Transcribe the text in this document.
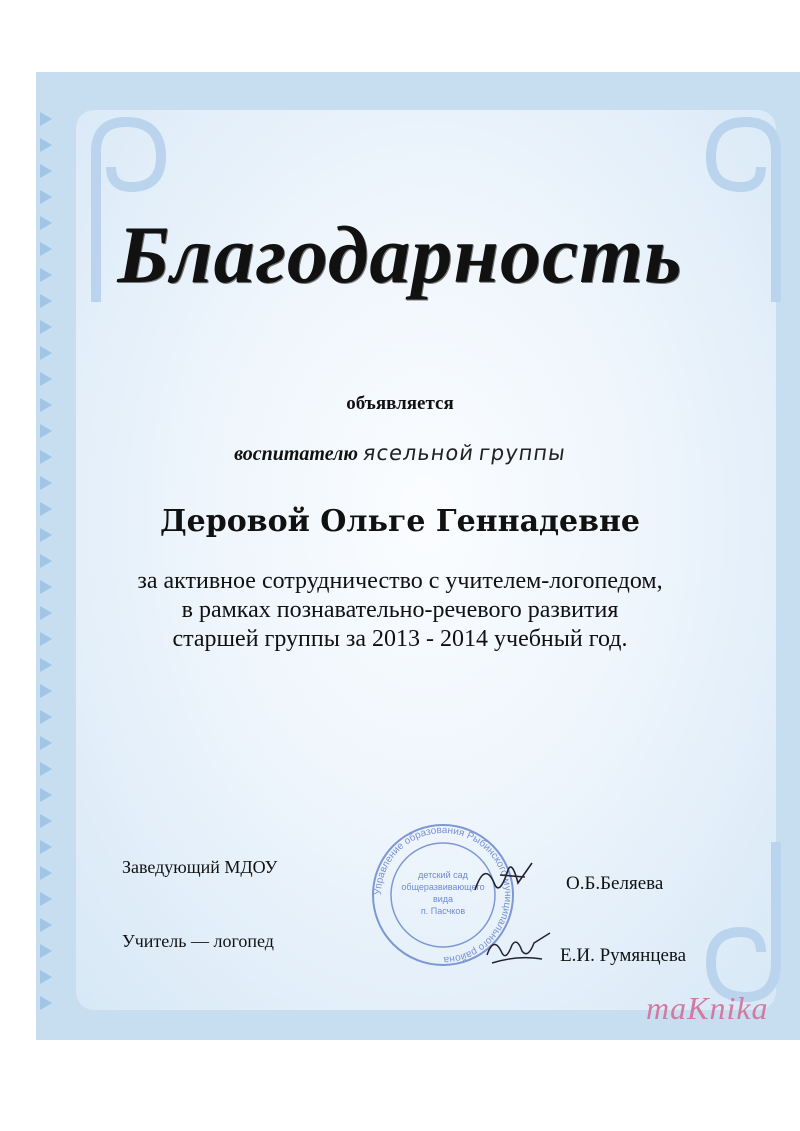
Благодарность
объявляется
воспитателю ясельной группы
Деровой Ольге Геннадевне
за активное сотрудничество с учителем-логопедом,
в рамках познавательно-речевого развития
старшей группы за 2013 - 2014 учебный год.
Заведующий МДОУ
О.Б.Беляева
Учитель — логопед
Е.И. Румянцева
Управление образования Рыбинского муниципального района
детский сад
общеразвивающего
вида
п. Пасчков
maKnika
